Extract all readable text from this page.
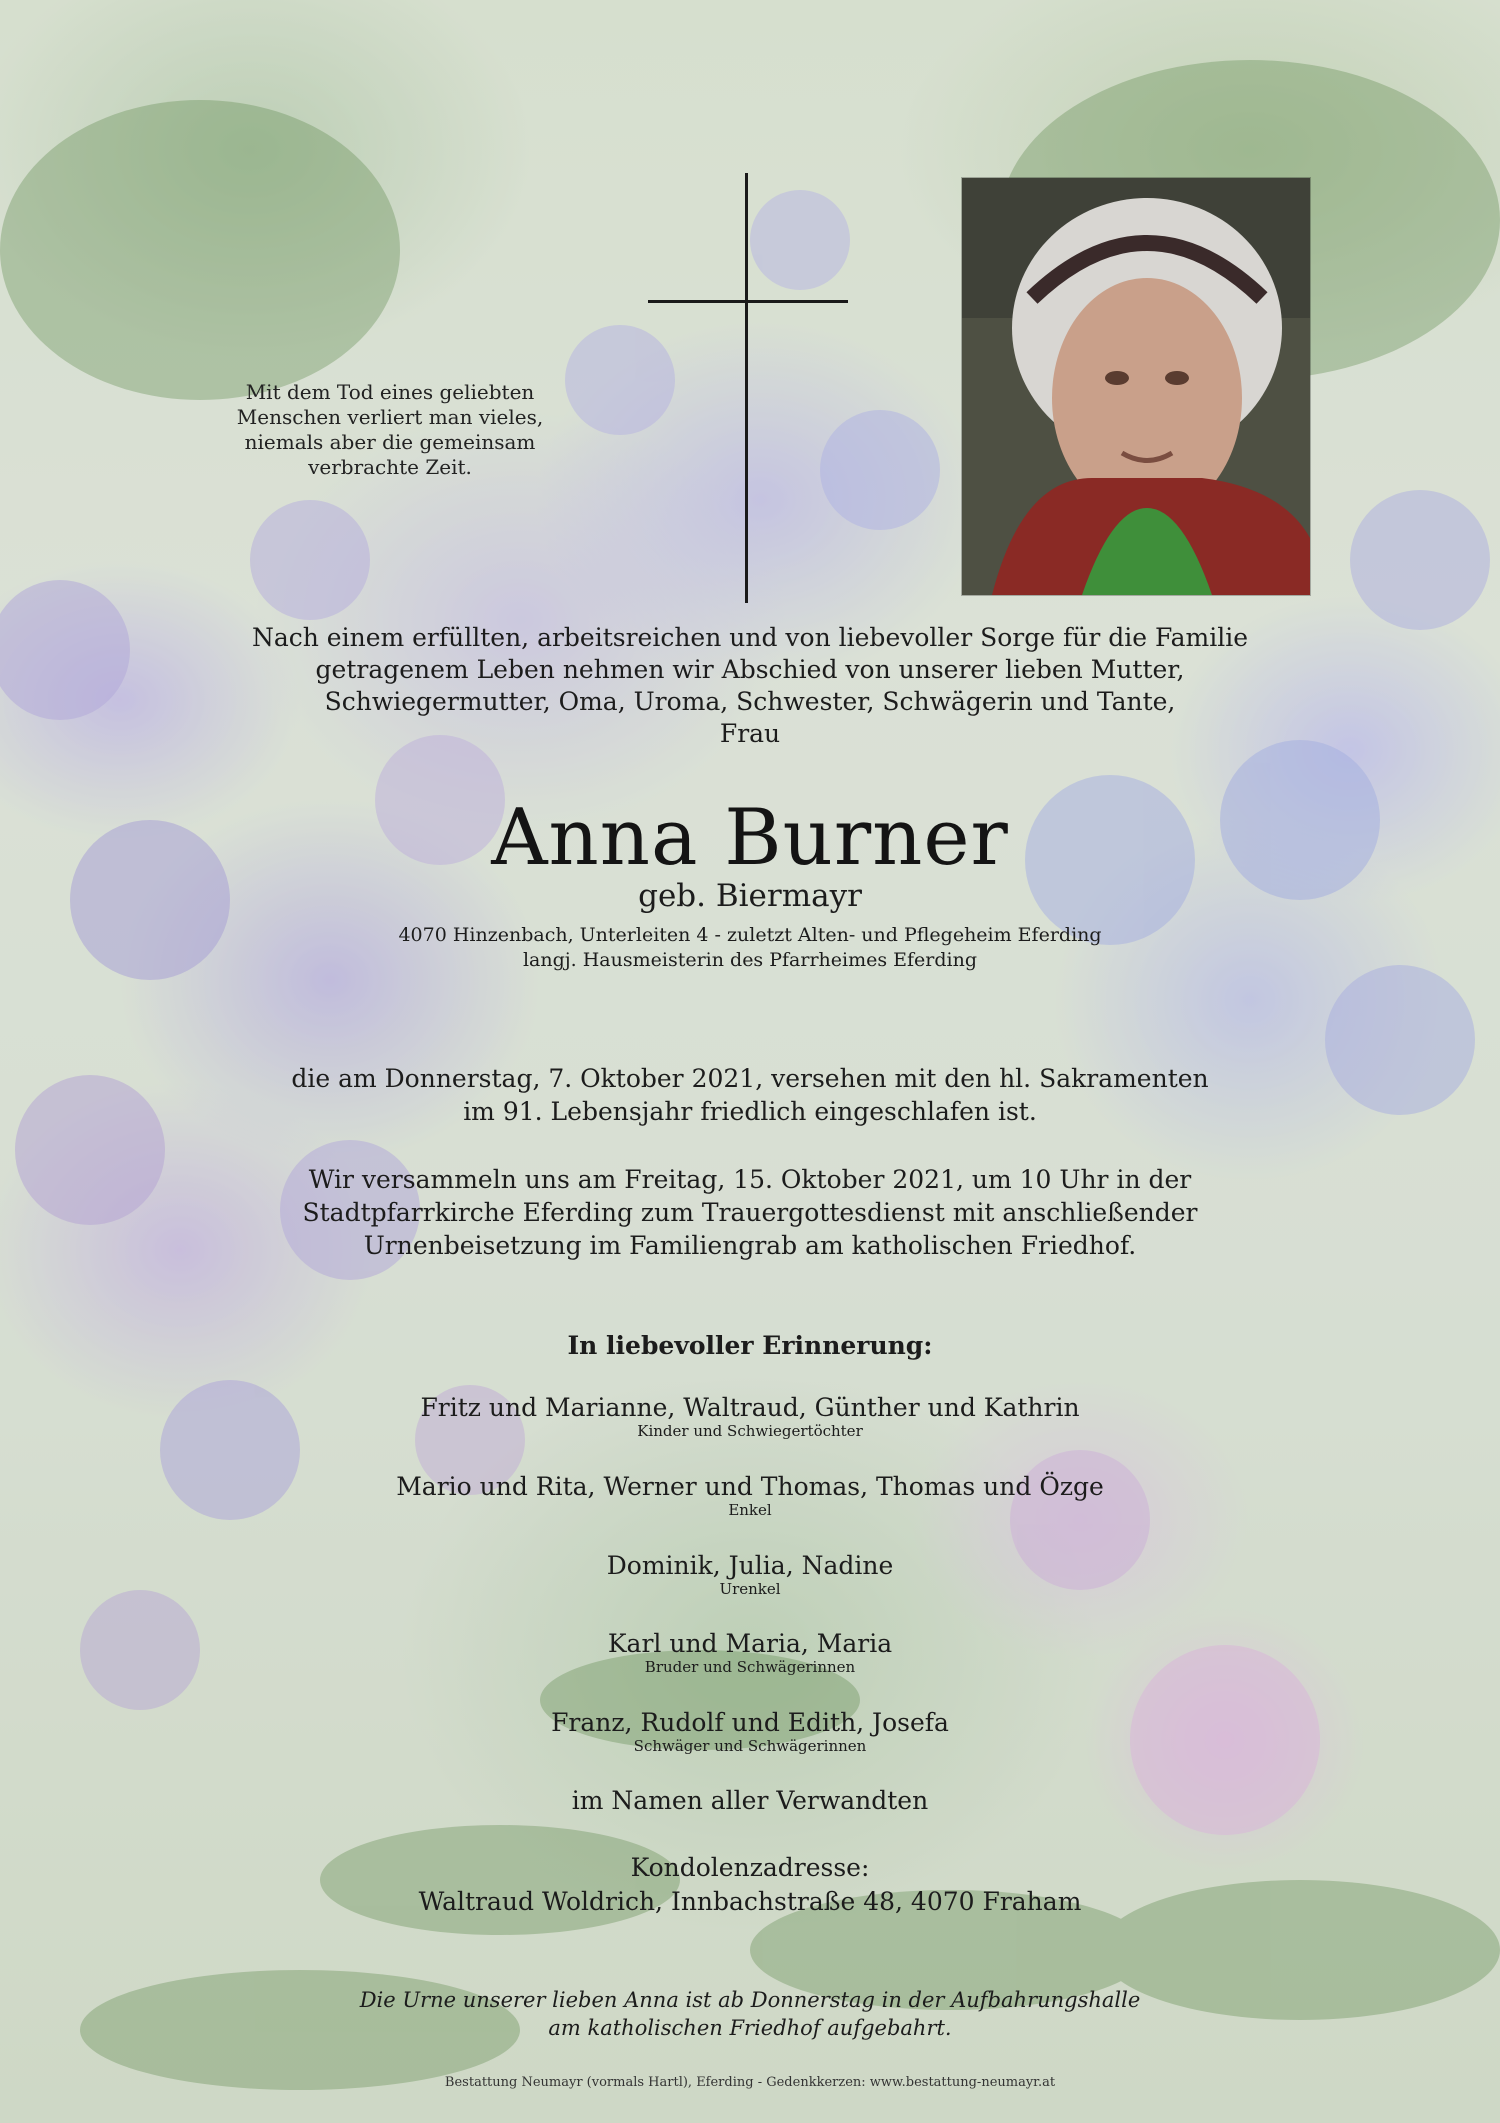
Mit dem Tod eines geliebten
Menschen verliert man vieles,
niemals aber die gemeinsam
verbrachte Zeit.
Nach einem erfüllten, arbeitsreichen und von liebevoller Sorge für die Familie
getragenem Leben nehmen wir Abschied von unserer lieben Mutter,
Schwiegermutter, Oma, Uroma, Schwester, Schwägerin und Tante,
Frau
Anna Burner
geb. Biermayr
4070 Hinzenbach, Unterleiten 4 - zuletzt Alten- und Pflegeheim Eferding
langj. Hausmeisterin des Pfarrheimes Eferding
die am Donnerstag, 7. Oktober 2021, versehen mit den hl. Sakramenten
im 91. Lebensjahr friedlich eingeschlafen ist.
Wir versammeln uns am Freitag, 15. Oktober 2021, um 10 Uhr in der
Stadtpfarrkirche Eferding zum Trauergottesdienst mit anschließender
Urnenbeisetzung im Familiengrab am katholischen Friedhof.
In liebevoller Erinnerung:
Fritz und Marianne, Waltraud, Günther und Kathrin
Kinder und Schwiegertöchter
Mario und Rita, Werner und Thomas, Thomas und Özge
Enkel
Dominik, Julia, Nadine
Urenkel
Karl und Maria, Maria
Bruder und Schwägerinnen
Franz, Rudolf und Edith, Josefa
Schwäger und Schwägerinnen
im Namen aller Verwandten
Kondolenzadresse:
Waltraud Woldrich, Innbachstraße 48, 4070 Fraham
Die Urne unserer lieben Anna ist ab Donnerstag in der Aufbahrungshalle
am katholischen Friedhof aufgebahrt.
Bestattung Neumayr (vormals Hartl), Eferding - Gedenkkerzen: www.bestattung-neumayr.at
